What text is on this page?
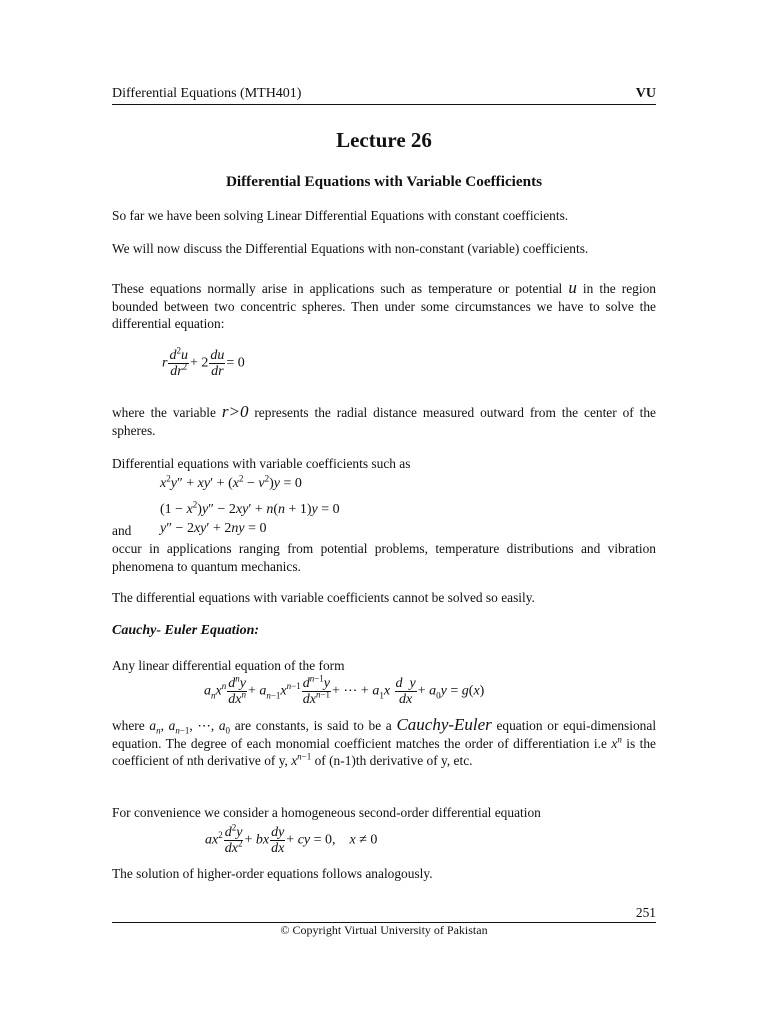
Differential Equations (MTH401)	VU
Lecture 26
Differential Equations with Variable Coefficients
So far we have been solving Linear Differential Equations with constant coefficients.
We will now discuss the Differential Equations with non-constant (variable) coefficients.
These equations normally arise in applications such as temperature or potential u in the region bounded between two concentric spheres. Then under some circumstances we have to solve the differential equation:
r $\frac{d^2u}{dr^2} + 2 \frac{du}{dr} = 0$
where the variable r>0 represents the radial distance measured outward from the center of the spheres.
Differential equations with variable coefficients such as
$x^2y'' + xy' + (x^2 - v^2)y = 0$
$(1 - x^2)y'' - 2xy' + n(n + 1)y = 0$
and	y″ − 2xy′ + 2ny = 0
occur in applications ranging from potential problems, temperature distributions and vibration phenomena to quantum mechanics.
The differential equations with variable coefficients cannot be solved so easily.
Cauchy- Euler Equation:
Any linear differential equation of the form
$a_nx^n \frac{d^ny}{dx^n} + a_{n-1}x^{n-1} \frac{d^{n-1}y}{dx^{n-1}}$ + ⋯ + $a_1x \frac{\text{d y}}{dx} + a_0y = g(x)$
where $a_n$, $a_{n-1}$, ⋯, $a_0$ are constants, is said to be a Cauchy-Euler equation or equi-dimensional equation. The degree of each monomial coefficient matches the order of differentiation i.e $x^n$ is the coefficient of nth derivative of y, $x^{n-1}$ of (n-1)th derivative of y, etc.
For convenience we consider a homogeneous second-order differential equation
$ax^2 \frac{d^2y}{dx^2}$ + bx $\frac{dy}{dx}$ + cy = 0,    x ≠ 0
The solution of higher-order equations follows analogously.
251
© Copyright Virtual University of Pakistan
